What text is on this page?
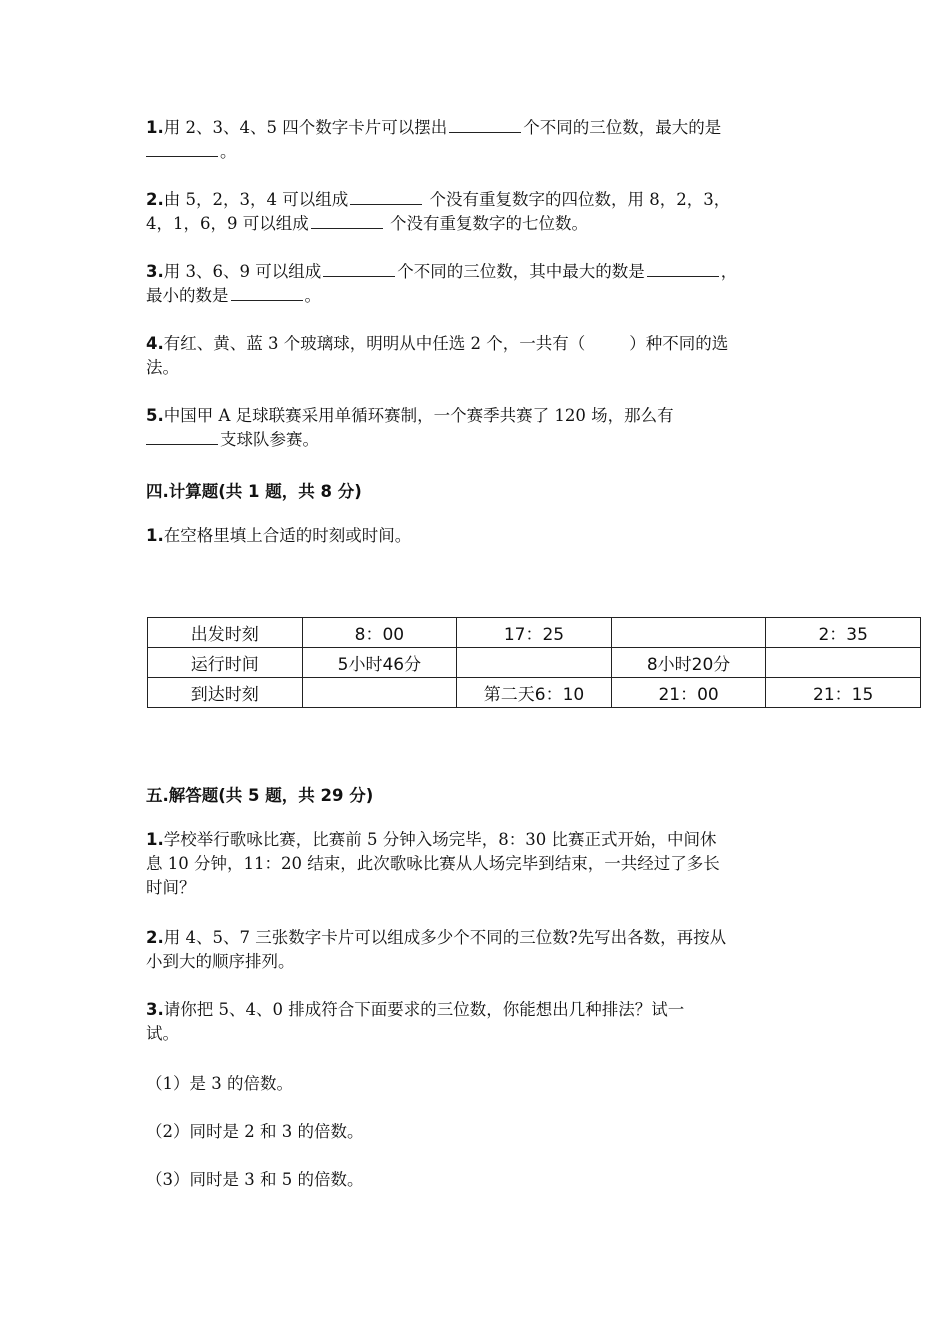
1.用 2、3、4、5 四个数字卡片可以摆出	个不同的三位数，最大的是
。
2.由 5，2，3，4 可以组成	个没有重复数字的四位数，用 8，2，3，
4，1，6，9 可以组成	个没有重复数字的七位数。
3.用 3、6、9 可以组成	个不同的三位数，其中最大的数是	，
最小的数是	。
4.有红、黄、蓝 3 个玻璃球，明明从中任选 2 个，一共有（	）种不同的选
法。
5.中国甲 A 足球联赛采用单循环赛制，一个赛季共赛了 120 场，那么有
支球队参赛。
四.计算题(共 1 题，共 8 分)
1.在空格里填上合适的时刻或时间。
五.解答题(共 5 题，共 29 分)
1.学校举行歌咏比赛，比赛前 5 分钟入场完毕，8：30 比赛正式开始，中间休
息 10 分钟，11：20 结束，此次歌咏比赛从人场完毕到结束，一共经过了多长
时间？
2.用 4、5、7 三张数字卡片可以组成多少个不同的三位数?先写出各数，再按从
小到大的顺序排列。
3.请你把 5、4、0 排成符合下面要求的三位数，你能想出几种排法？试一
试。
（1）是 3 的倍数。
（2）同时是 2 和 3 的倍数。
（3）同时是 3 和 5 的倍数。
出发时刻	8：00	17：25		2：35
运行时间	5小时46分		8小时20分	
到达时刻		第二天6：10	21：00	21：15
